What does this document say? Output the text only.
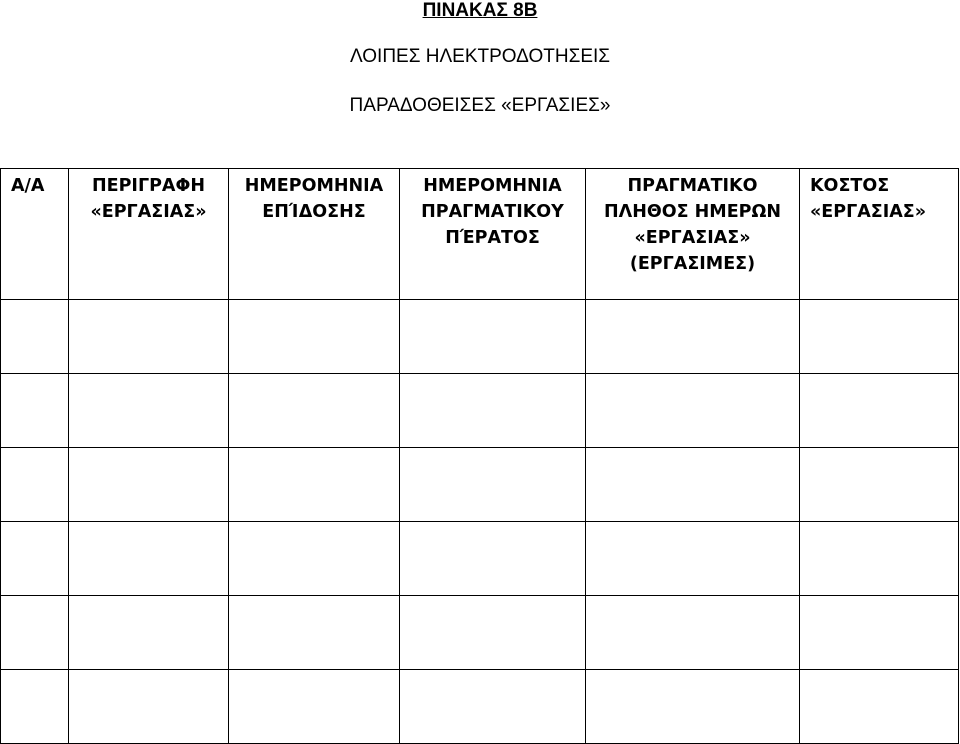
ΠΙΝΑΚΑΣ 8Β
ΛΟΙΠΕΣ ΗΛΕΚΤΡΟΔΟΤΗΣΕΙΣ
ΠΑΡΑΔΟΘΕΙΣΕΣ «ΕΡΓΑΣΙΕΣ»
Α/Α	ΠΕΡΙΓΡΑΦΗ «ΕΡΓΑΣΙΑΣ»	ΗΜΕΡΟΜΗΝΙΑ ΕΠΊΔΟΣΗΣ	ΗΜΕΡΟΜΗΝΙΑ ΠΡΑΓΜΑΤΙΚΟΥ ΠΈΡΑΤΟΣ	ΠΡΑΓΜΑΤΙΚΟ ΠΛΗΘΟΣ ΗΜΕΡΩΝ «ΕΡΓΑΣΙΑΣ» (ΕΡΓΑΣΙΜΕΣ)	ΚΟΣΤΟΣ «ΕΡΓΑΣΙΑΣ»
